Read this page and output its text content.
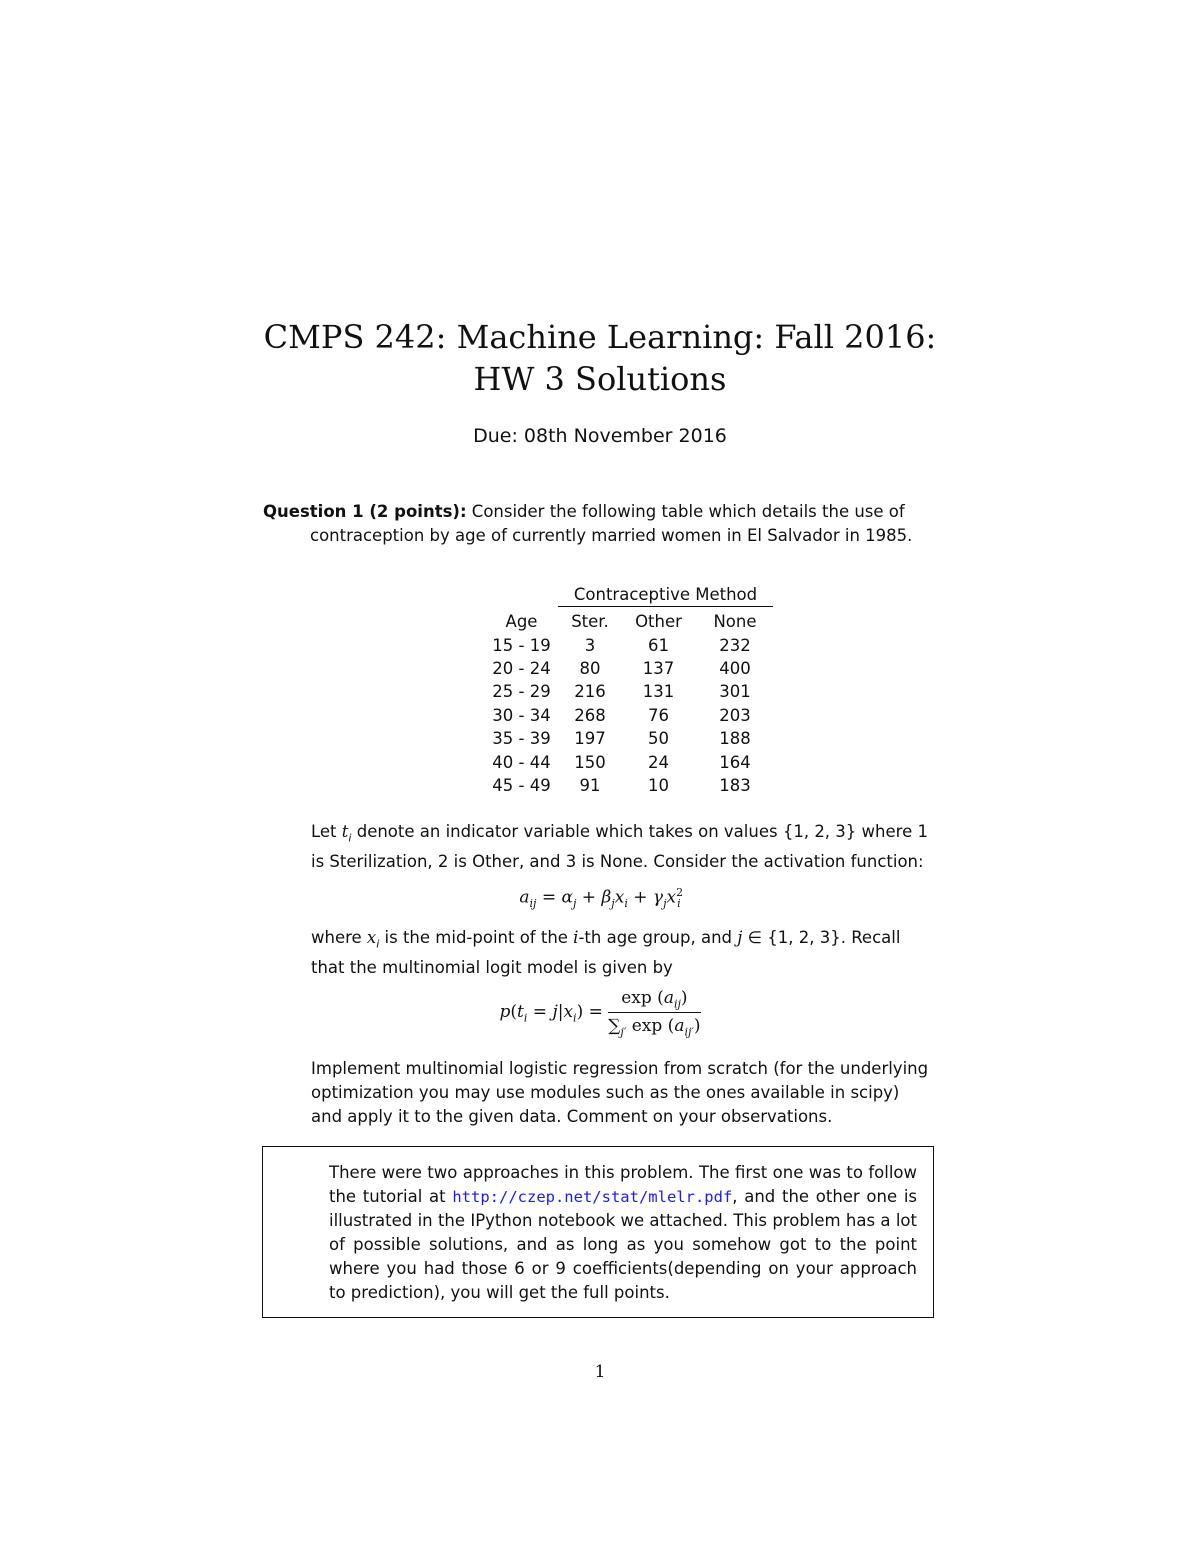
CMPS 242: Machine Learning: Fall 2016:
HW 3 Solutions
Due: 08th November 2016
Question 1 (2 points): Consider the following table which details the use of
contraception by age of currently married women in El Salvador in 1985.
Contraceptive Method
Age	Ster.	Other	None
15 - 19	3	61	232
20 - 24	80	137	400
25 - 29	216	131	301
30 - 34	268	76	203
35 - 39	197	50	188
40 - 44	150	24	164
45 - 49	91	10	183
Let $t_i$ denote an indicator variable which takes on values {1, 2, 3} where 1
is Sterilization, 2 is Other, and 3 is None. Consider the activation function:
$a_{ij} = \alpha_j + \beta_jx_i + \gamma_jx^2_i$
where $x_i$ is the mid-point of the i-th age group, and j ∈ {1, 2, 3}. Recall
that the multinomial logit model is given by
$p(t_i = j|x_i) = \frac{\exp (a_{ij})}{\sum_{j'} \exp (a_{ij'})}$
Implement multinomial logistic regression from scratch (for the underlying
optimization you may use modules such as the ones available in scipy)
and apply it to the given data. Comment on your observations.
There were two approaches in this problem. The first one was to follow the tutorial at http://czep.net/stat/mlelr.pdf, and the other one is illustrated in the IPython notebook we attached. This problem has a lot of possible solutions, and as long as you somehow got to the point where you had those 6 or 9 coefficients(depending on your approach to prediction), you will get the full points.
1
